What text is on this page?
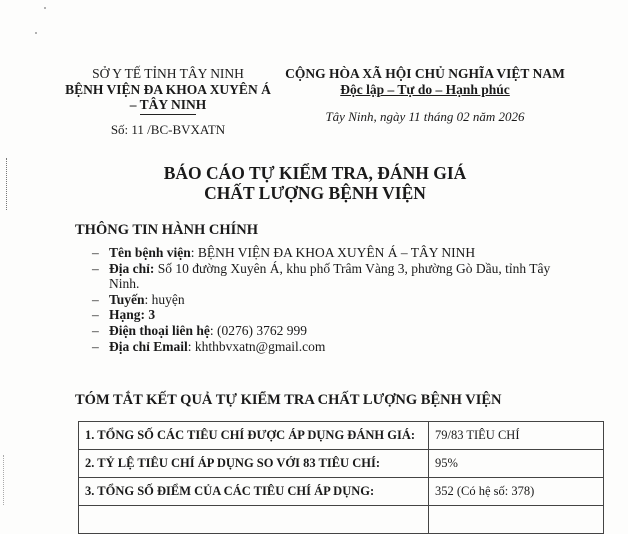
SỞ Y TẾ TỈNH TÂY NINH
BỆNH VIỆN ĐA KHOA XUYÊN Á
– TÂY NINH
Số: 11 /BC-BVXATN
CỘNG HÒA XÃ HỘI CHỦ NGHĨA VIỆT NAM
Độc lập – Tự do – Hạnh phúc
Tây Ninh, ngày 11 tháng 02 năm 2026
BÁO CÁO TỰ KIỂM TRA, ĐÁNH GIÁ
CHẤT LƯỢNG BỆNH VIỆN
THÔNG TIN HÀNH CHÍNH
– Tên bệnh viện: BỆNH VIỆN ĐA KHOA XUYÊN Á – TÂY NINH
– Địa chỉ: Số 10 đường Xuyên Á, khu phố Trâm Vàng 3, phường Gò Dầu, tỉnh Tây Ninh.
– Tuyến: huyện
– Hạng: 3
– Điện thoại liên hệ: (0276) 3762 999
– Địa chỉ Email: khthbvxatn@gmail.com
TÓM TẮT KẾT QUẢ TỰ KIỂM TRA CHẤT LƯỢNG BỆNH VIỆN
1. TỔNG SỐ CÁC TIÊU CHÍ ĐƯỢC ÁP DỤNG ĐÁNH GIÁ:	79/83 TIÊU CHÍ
2. TỶ LỆ TIÊU CHÍ ÁP DỤNG SO VỚI 83 TIÊU CHÍ:	95%
3. TỔNG SỐ ĐIỂM CỦA CÁC TIÊU CHÍ ÁP DỤNG:	352 (Có hệ số: 378)
